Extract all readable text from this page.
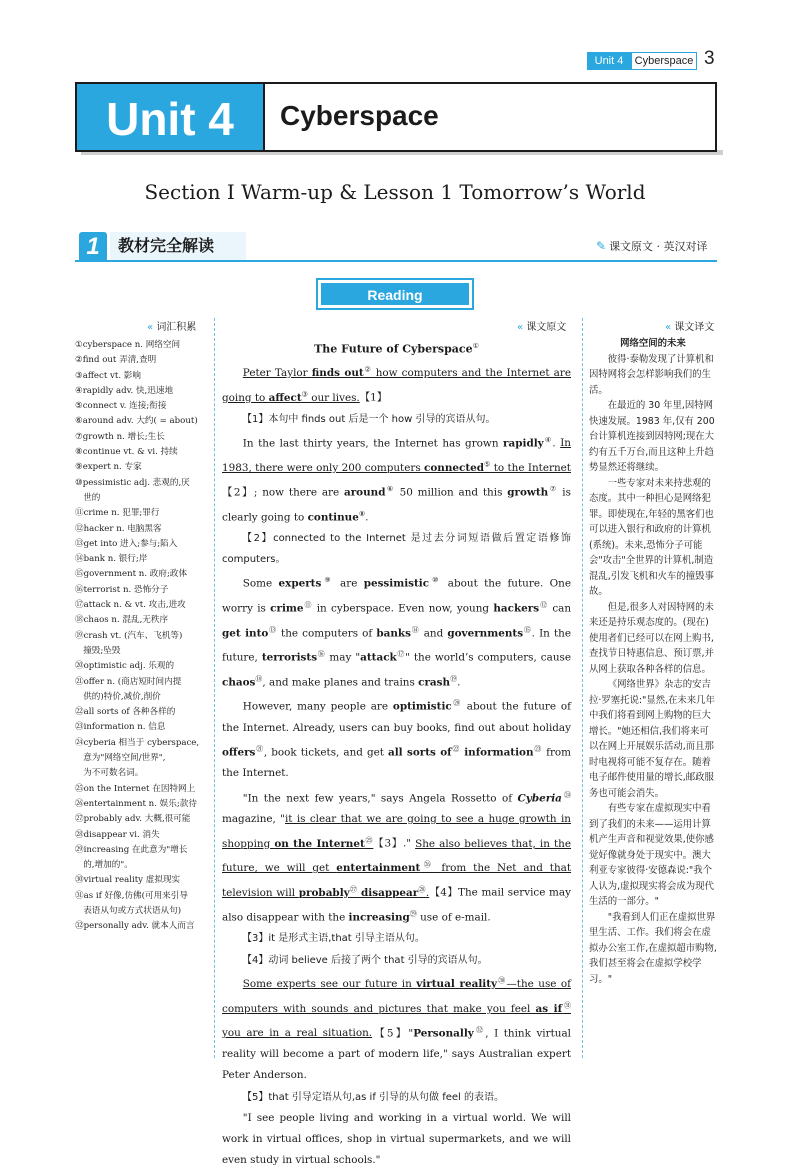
Unit 4	Cyberspace 3
Unit 4	Cyberspace
Section Ⅰ Warm-up & Lesson 1 Tomorrow’s World
1	教材完全解读	✎ 课文原文 · 英汉对译
Reading
« 词汇积累	« 课文原文	« 课文译文
①cyberspace n. 网络空间
②find out 弄清,查明
③affect vt. 影响
④rapidly adv. 快,迅速地
⑤connect v. 连接;衔接
⑥around adv. 大约( = about)
⑦growth n. 增长;生长
⑧continue vt. & vi. 持续
⑨expert n. 专家
⑩pessimistic adj. 悲观的,厌
世的
⑪crime n. 犯罪;罪行
⑫hacker n. 电脑黑客
⑬get into 进入;参与;陷入
⑭bank n. 银行;岸
⑮government n. 政府;政体
⑯terrorist n. 恐怖分子
⑰attack n. & vt. 攻击,进攻
⑱chaos n. 混乱,无秩序
⑲crash vt. (汽车、飞机等)
撞毁;坠毁
⑳optimistic adj. 乐观的
㉑offer n. (商店短时间内提
供的)特价,减价,削价
㉒all sorts of 各种各样的
㉓information n. 信息
㉔cyberia 相当于 cyberspace,
意为"网络空间/世界",
为不可数名词。
㉕on the Internet 在因特网上
㉖entertainment n. 娱乐;款待
㉗probably adv. 大概,很可能
㉘disappear vi. 消失
㉙increasing 在此意为"增长
的,增加的"。
㉚virtual reality 虚拟现实
㉛as if 好像,仿佛(可用来引导
表语从句或方式状语从句)
㉜personally adv. 就本人而言

The Future of Cyberspace①

Peter Taylor finds out② how computers and the Internet are going to affect③ our lives.【1】

【1】本句中 finds out 后是一个 how 引导的宾语从句。

In the last thirty years, the Internet has grown rapidly④. In 1983, there were only 200 computers connected⑤ to the Internet【2】; now there are around⑥ 50 million and this growth⑦ is clearly going to continue⑧.

【2】connected to the Internet 是过去分词短语做后置定语修饰 computers。

Some experts⑨ are pessimistic⑩ about the future. One worry is crime⑪ in cyberspace. Even now, young hackers⑫ can get into⑬ the computers of banks⑭ and governments⑮. In the future, terrorists⑯ may "attack⑰" the world’s computers, cause chaos⑱, and make planes and trains crash⑲.

However, many people are optimistic⑳ about the future of the Internet. Already, users can buy books, find out about holiday offers$^㉑$, book tickets, and get all sorts $of^㉒$ information$^㉓$ from the Internet.

"In the next few years," says Angela Rossetto of Cyberia$^㉔$ magazine, "it is clear that we are going to see a huge growth in shopping on the Internet$^㉕$【3】." She also believes that, in the future, we will get entertainment$^㉖$ from the Net and that television will probably$^㉗$ disappear$^㉘$.【4】The mail service may also disappear with the increasing$^㉙$ use of e-mail.

【3】it 是形式主语,that 引导主语从句。

【4】动词 believe 后接了两个 that 引导的宾语从句。

Some experts see our future in virtual reality$^㉚$—the use of computers with sounds and pictures that make you feel as $if^㉛$ you are in a real situation.【5】"Personally$^㉜$, I think virtual reality will become a part of modern life," says Australian expert Peter Anderson.

【5】that 引导定语从句,as if 引导的从句做 feel 的表语。

"I see people living and working in a virtual world. We will work in virtual offices, shop in virtual supermarkets, and we will even study in virtual schools."

网络空间的未来

彼得·泰勒发现了计算机和因特网将会怎样影响我们的生活。

在最近的 30 年里,因特网快速发展。1983 年,仅有 200 台计算机连接到因特网;现在大约有五千万台,而且这种上升趋势显然还将继续。

一些专家对未来持悲观的态度。其中一种担心是网络犯罪。即使现在,年轻的黑客们也可以进入银行和政府的计算机(系统)。未来,恐怖分子可能会"攻击"全世界的计算机,制造混乱,引发飞机和火车的撞毁事故。

但是,很多人对因特网的未来还是持乐观态度的。(现在)使用者们已经可以在网上购书,查找节日特惠信息、预订票,并从网上获取各种各样的信息。

《网络世界》杂志的安吉拉·罗塞托说:"显然,在未来几年中我们将看到网上购物的巨大增长。"她还相信,我们将来可以在网上开展娱乐活动,而且那时电视将可能不复存在。随着电子邮件使用量的增长,邮政服务也可能会消失。

有些专家在虚拟现实中看到了我们的未来——运用计算机产生声音和视觉效果,使你感觉好像就身处于现实中。澳大利亚专家彼得·安德森说:"我个人认为,虚拟现实将会成为现代生活的一部分。"

"我看到人们正在虚拟世界里生活、工作。我们将会在虚拟办公室工作,在虚拟超市购物,我们甚至将会在虚拟学校学习。"
